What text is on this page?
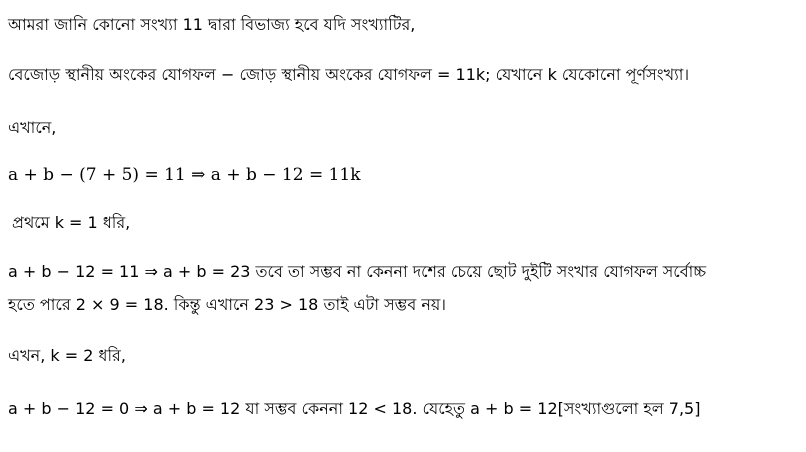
আমরা জানি কোনো সংখ্যা 11 দ্বারা বিভাজ্য হবে যদি সংখ্যাটির,
বেজোড় স্থানীয় অংকের যোগফল − জোড় স্থানীয় অংকের যোগফল = 11k; যেখানে k যেকোনো পূর্ণসংখ্যা।
এখানে,
a + b − (7 + 5) = 11 ⇒ a + b − 12 = 11k
প্রথমে k = 1 ধরি,
a + b − 12 = 11 ⇒ a + b = 23 তবে তা সম্ভব না কেননা দশের চেয়ে ছোট দুইটি সংখার যোগফল সর্বোচ্চ
হতে পারে 2 × 9 = 18. কিন্তু এখানে 23 > 18 তাই এটা সম্ভব নয়।
এখন, k = 2 ধরি,
a + b − 12 = 0 ⇒ a + b = 12 যা সম্ভব কেননা 12 < 18. যেহেতু a + b = 12[সংখ্যাগুলো হল 7,5]
